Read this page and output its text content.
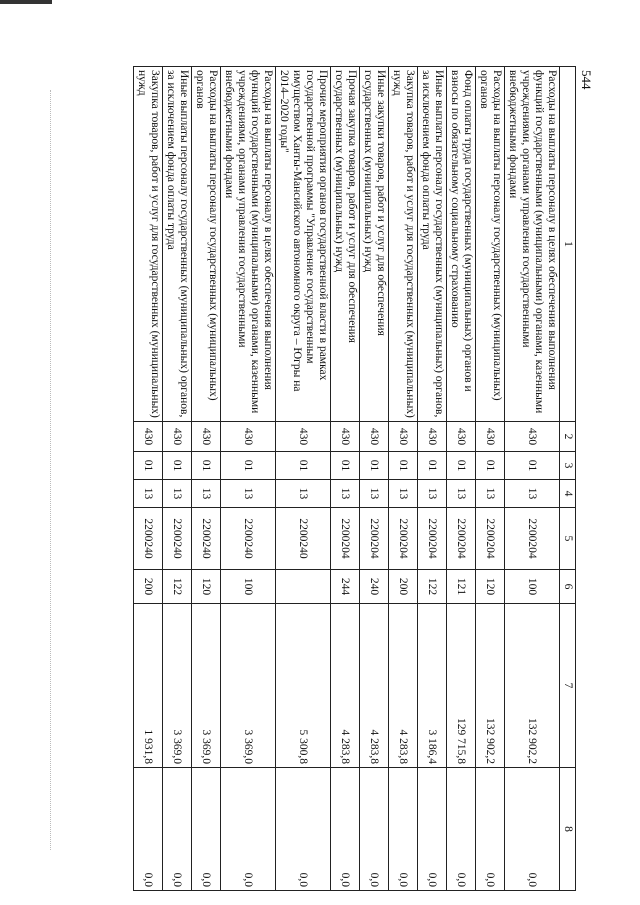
544
1	2	3	4	5	6	7	8
Расходы на выплаты персоналу в целях обеспечения выполнения функций государственными (муниципальными) органами, казенными учреждениями, органами управления государственными внебюджетными фондами	430	01	13	2200204	100	132 902,2	0,0
Расходы на выплаты персоналу государственных (муниципальных) органов	430	01	13	2200204	120	132 902,2	0,0
Фонд оплаты труда государственных (муниципальных) органов и взносы по обязательному социальному страхованию	430	01	13	2200204	121	129 715,8	0,0
Иные выплаты персоналу государственных (муниципальных) органов, за исключением фонда оплаты труда	430	01	13	2200204	122	3 186,4	0,0
Закупка товаров, работ и услуг для государственных (муниципальных) нужд	430	01	13	2200204	200	4 283,8	0,0
Иные закупки товаров, работ и услуг для обеспечения государственных (муниципальных) нужд	430	01	13	2200204	240	4 283,8	0,0
Прочая закупка товаров, работ и услуг для обеспечения государственных (муниципальных) нужд	430	01	13	2200204	244	4 283,8	0,0
Прочие мероприятия органов государственной власти в рамках государственной программы "Управление государственным имуществом Ханты-Мансийского автономного округа – Югры на 2014–2020 годы"	430	01	13	2200240		5 300,8	0,0
Расходы на выплаты персоналу в целях обеспечения выполнения функций государственными (муниципальными) органами, казенными учреждениями, органами управления государственными внебюджетными фондами	430	01	13	2200240	100	3 369,0	0,0
Расходы на выплаты персоналу государственных (муниципальных) органов	430	01	13	2200240	120	3 369,0	0,0
Иные выплаты персоналу государственных (муниципальных) органов, за исключением фонда оплаты труда	430	01	13	2200240	122	3 369,0	0,0
Закупка товаров, работ и услуг для государственных (муниципальных) нужд	430	01	13	2200240	200	1 931,8	0,0
